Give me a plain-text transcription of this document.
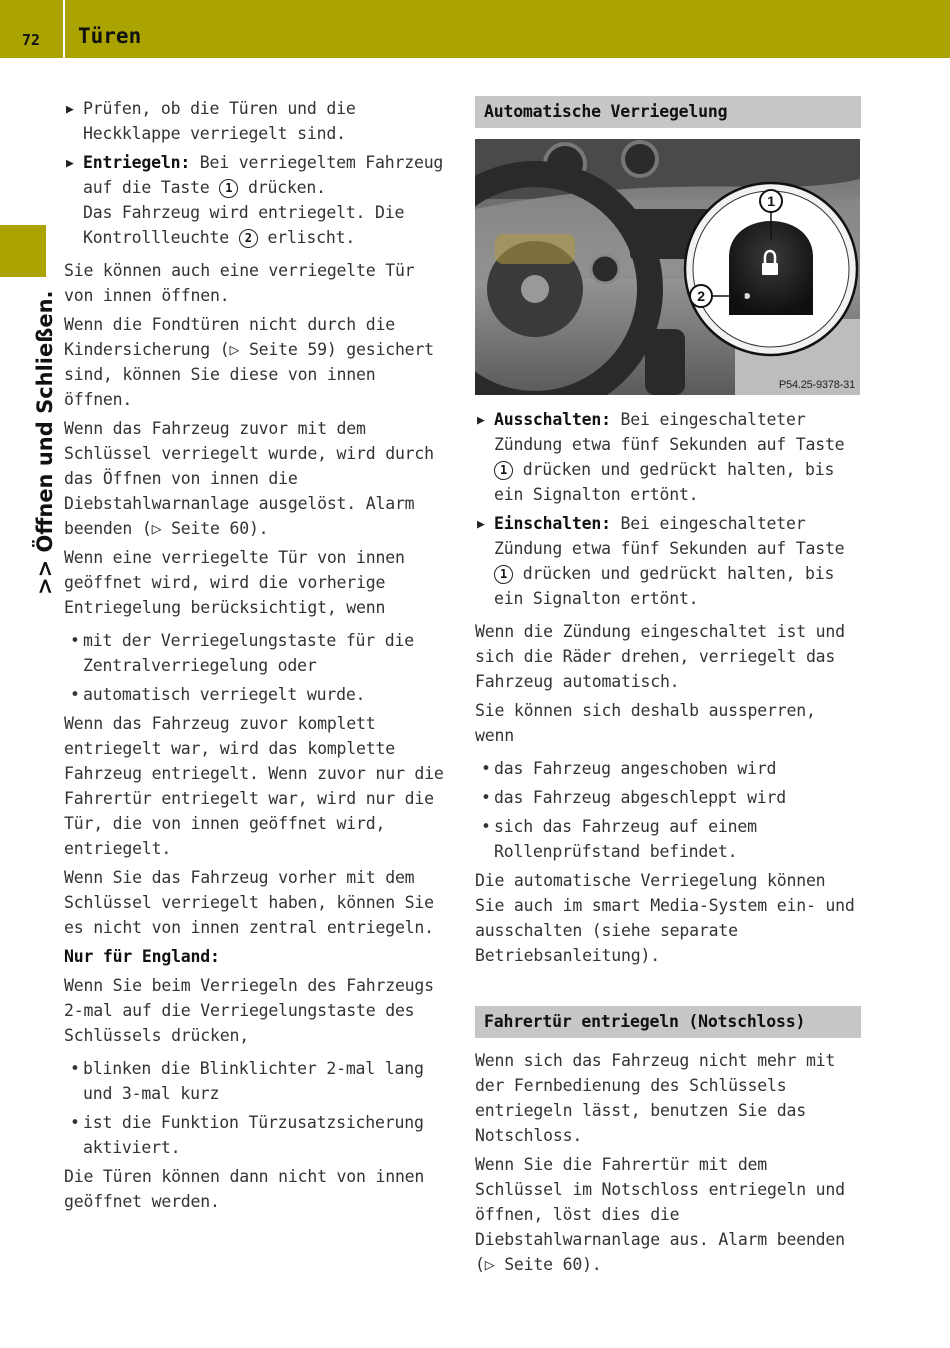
72	Türen
>> Öffnen und Schließen.
▶ Prüfen, ob die Türen und die Heckklappe verriegelt sind.
▶ Entriegeln: Bei verriegeltem Fahrzeug auf die Taste 1 drücken.
Das Fahrzeug wird entriegelt. Die Kontrollleuchte 2 erlischt.

Sie können auch eine verriegelte Tür von innen öffnen.

Wenn die Fondtüren nicht durch die Kindersicherung (▷ Seite 59) gesichert sind, können Sie diese von innen öffnen.

Wenn das Fahrzeug zuvor mit dem Schlüssel verriegelt wurde, wird durch das Öffnen von innen die Diebstahlwarnanlage ausgelöst. Alarm beenden (▷ Seite 60).

Wenn eine verriegelte Tür von innen geöffnet wird, wird die vorherige Entriegelung berücksichtigt, wenn

• mit der Verriegelungstaste für die Zentralverriegelung oder
• automatisch verriegelt wurde.

Wenn das Fahrzeug zuvor komplett entriegelt war, wird das komplette Fahrzeug entriegelt. Wenn zuvor nur die Fahrertür entriegelt war, wird nur die Tür, die von innen geöffnet wird, entriegelt.

Wenn Sie das Fahrzeug vorher mit dem Schlüssel verriegelt haben, können Sie es nicht von innen zentral entriegeln.

Nur für England:

Wenn Sie beim Verriegeln des Fahrzeugs 2-mal auf die Verriegelungstaste des Schlüssels drücken,

• blinken die Blinklichter 2-mal lang und 3-mal kurz
• ist die Funktion Türzusatzsicherung aktiviert.

Die Türen können dann nicht von innen geöffnet werden.

Automatische Verriegelung
1
2
P54.25-9378-31
▶ Ausschalten: Bei eingeschalteter Zündung etwa fünf Sekunden auf Taste 1 drücken und gedrückt halten, bis ein Signalton ertönt.
▶ Einschalten: Bei eingeschalteter Zündung etwa fünf Sekunden auf Taste 1 drücken und gedrückt halten, bis ein Signalton ertönt.

Wenn die Zündung eingeschaltet ist und sich die Räder drehen, verriegelt das Fahrzeug automatisch.

Sie können sich deshalb aussperren, wenn

• das Fahrzeug angeschoben wird
• das Fahrzeug abgeschleppt wird
• sich das Fahrzeug auf einem Rollenprüfstand befindet.

Die automatische Verriegelung können Sie auch im smart Media-System ein- und ausschalten (siehe separate Betriebsanleitung).

Fahrertür entriegeln (Notschloss)

Wenn sich das Fahrzeug nicht mehr mit der Fernbedienung des Schlüssels entriegeln lässt, benutzen Sie das Notschloss.

Wenn Sie die Fahrertür mit dem Schlüssel im Notschloss entriegeln und öffnen, löst dies die Diebstahlwarnanlage aus. Alarm beenden (▷ Seite 60).
